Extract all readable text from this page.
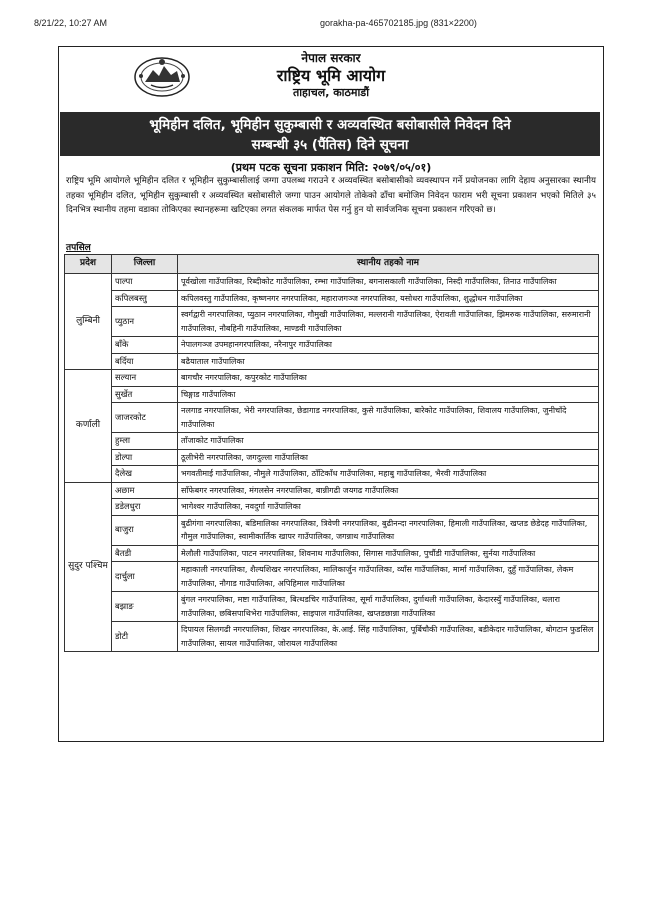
8/21/22, 10:27 AM	gorakha-pa-465702185.jpg (831×2200)
नेपाल सरकार
राष्ट्रिय भूमि आयोग
ताहाचल, काठमाडौं
भूमिहीन दलित, भूमिहीन सुकुम्बासी र अव्यवस्थित बसोबासीले निवेदन दिने
सम्बन्धी ३५ (पैंतिस) दिने सूचना
(प्रथम पटक सूचना प्रकाशन मिति: २०७९/०५/०१)
राष्ट्रिय भूमि आयोगले भूमिहीन दलित र भूमिहीन सुकुम्बासीलाई जग्गा उपलब्ध गराउने र अव्यवस्थित बसोबासीको व्यवस्थापन गर्ने प्रयोजनका लागि देहाय अनुसारका स्थानीय तहका भूमिहीन दलित, भूमिहीन सुकुम्बासी र अव्यवस्थित बसोबासीले जग्गा पाउन आयोगले तोकेको ढाँचा बमोजिम निवेदन फाराम भरी सूचना प्रकाशन भएको मितिले ३५ दिनभित्र स्थानीय तहमा वडाका तोकिएका स्थानहरूमा खटिएका लगत संकलक मार्फत पेस गर्नु हुन यो सार्वजनिक सूचना प्रकाशन गरिएको छ।
तपसिल
प्रदेश	जिल्ला	स्थानीय तहको नाम
लुम्बिनी	पाल्पा	पूर्वखोला गाउँपालिका, रिब्दीकोट गाउँपालिका, रम्भा गाउँपालिका, बगनासकाली गाउँपालिका, निस्दी गाउँपालिका, तिनाउ गाउँपालिका
	कपिलबस्तु	कपिलवस्तु गाउँपालिका, कृष्णनगर नगरपालिका, महाराजगञ्ज नगरपालिका, यसोधरा गाउँपालिका, शुद्धोधन गाउँपालिका
	प्युठान	स्वर्गद्वारी नगरपालिका, प्युठान नगरपालिका, गौमुखी गाउँपालिका, मल्लरानी गाउँपालिका, ऐरावती गाउँपालिका, झिमरुक गाउँपालिका, सरुमारानी गाउँपालिका, नौबहिनी गाउँपालिका, माण्डवी गाउँपालिका
	बाँके	नेपालगञ्ज उपमहानगरपालिका, नरैनापुर गाउँपालिका
	बर्दिया	बढैयाताल गाउँपालिका
कर्णाली	सल्यान	बागचौर नगरपालिका, कपुरकोट गाउँपालिका
	सुर्खेत	चिङ्गाड गाउँपालिका
	जाजरकोट	नलगाड नगरपालिका, भेरी नगरपालिका, छेडागाड नगरपालिका, कुसे गाउँपालिका, बारेकोट गाउँपालिका, शिवालय गाउँपालिका, जुनीचाँदे गाउँपालिका
	हुम्ला	ताँजाकोट गाउँपालिका
	डोल्पा	ठूलीभेरी नगरपालिका, जगदुल्ला गाउँपालिका
	दैलेख	भगवतीमाई गाउँपालिका, नौमुले गाउँपालिका, ठाँटिकाँध गाउँपालिका, महाबु गाउँपालिका, भैरवी गाउँपालिका
सुदुर पश्चिम	अछाम	साँफेबगर नगरपालिका, मंगलसेन नगरपालिका, बान्नीगढी जयगढ गाउँपालिका
	डडेलधुरा	भागेश्वर गाउँपालिका, नवदुर्गा गाउँपालिका
	बाजुरा	बुढीगंगा नगरपालिका, बडिमालिका नगरपालिका, त्रिवेणी नगरपालिका, बुढीनन्दा नगरपालिका, हिमाली गाउँपालिका, खप्तड छेडेदह गाउँपालिका, गौमुल गाउँपालिका, स्वामीकार्तिक खापर गाउँपालिका, जगन्नाथ गाउँपालिका
	बैतडी	मेलौली गाउँपालिका, पाटन नगरपालिका, शिवनाथ गाउँपालिका, सिगास गाउँपालिका, पुर्चौडी गाउँपालिका, सुर्नया गाउँपालिका
	दार्चुला	महाकाली नगरपालिका, शैल्यशिखर नगरपालिका, मालिकार्जुन गाउँपालिका, व्याँस गाउँपालिका, मार्मा गाउँपालिका, दुहुँ गाउँपालिका, लेकम गाउँपालिका, नौगाड गाउँपालिका, अपिहिमाल गाउँपालिका
	बझाङ	बुंगल नगरपालिका, मष्टा गाउँपालिका, बित्थडचिर गाउँपालिका, सूर्मा गाउँपालिका, दुर्गाथली गाउँपालिका, केदारस्युँ गाउँपालिका, थलारा गाउँपालिका, छबिसपाथिभेरा गाउँपालिका, साइपाल गाउँपालिका, खप्तडछान्ना गाउँपालिका
	डोटी	दिपायल सिलगढी नगरपालिका, शिखर नगरपालिका, के.आई. सिंह गाउँपालिका, पूर्बिचौकी गाउँपालिका, बडीकेदार गाउँपालिका, बोगटान फुडसिल गाउँपालिका, सायल गाउँपालिका, जोरायल गाउँपालिका
